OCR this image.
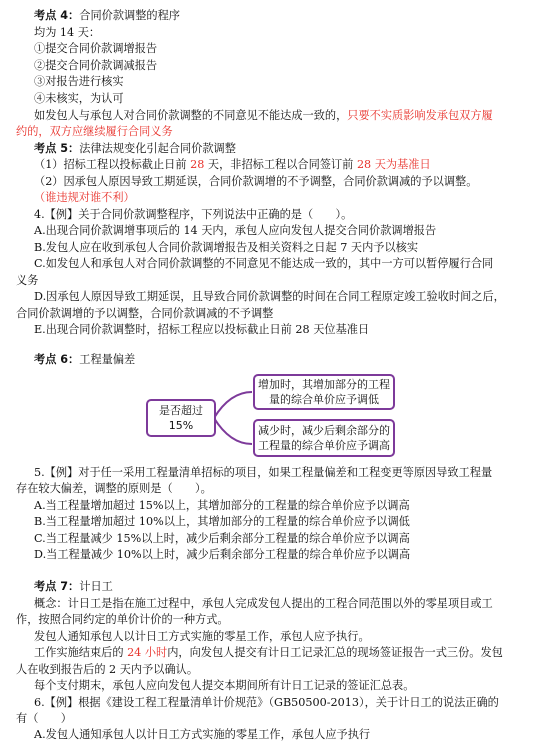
考点 4：合同价款调整的程序
均为 14 天：
①提交合同价款调增报告
②提交合同价款调减报告
③对报告进行核实
④未核实，为认可
如发包人与承包人对合同价款调整的不同意见不能达成一致的，只要不实质影响发承包双方履
约的，双方应继续履行合同义务
考点 5：法律法规变化引起合同价款调整
（1）招标工程以投标截止日前 28 天，非招标工程以合同签订前 28 天为基准日
（2）因承包人原因导致工期延误，合同价款调增的不予调整，合同价款调减的予以调整。
（谁违规对谁不利）
4.【例】关于合同价款调整程序，下列说法中正确的是（　　）。
A.出现合同价款调增事项后的 14 天内，承包人应向发包人提交合同价款调增报告
B.发包人应在收到承包人合同价款调增报告及相关资料之日起 7 天内予以核实
C.如发包人和承包人对合同价款调整的不同意见不能达成一致的，其中一方可以暂停履行合同
义务
D.因承包人原因导致工期延误，且导致合同价款调整的时间在合同工程原定竣工验收时间之后，
合同价款调增的予以调整，合同价款调减的不予调整
E.出现合同价款调整时，招标工程应以投标截止日前 28 天位基准日
考点 6：工程量偏差
是否超过
15%
增加时，其增加部分的工程
量的综合单价应予调低
减少时，减少后剩余部分的
工程量的综合单价应予调高
5.【例】对于任一采用工程量清单招标的项目，如果工程量偏差和工程变更等原因导致工程量
存在较大偏差，调整的原则是（　　）。
A.当工程量增加超过 15%以上，其增加部分的工程量的综合单价应予以调高
B.当工程量增加超过 10%以上，其增加部分的工程量的综合单价应予以调低
C.当工程量减少 15%以上时，减少后剩余部分工程量的综合单价应予以调高
D.当工程量减少 10%以上时，减少后剩余部分工程量的综合单价应予以调高
考点 7：计日工
概念：计日工是指在施工过程中，承包人完成发包人提出的工程合同范围以外的零星项目或工
作，按照合同约定的单价计价的一种方式。
发包人通知承包人以计日工方式实施的零星工作，承包人应予执行。
工作实施结束后的 24 小时内，向发包人提交有计日工记录汇总的现场签证报告一式三份。发包
人在收到报告后的 2 天内予以确认。
每个支付期末，承包人应向发包人提交本期间所有计日工记录的签证汇总表。
6.【例】根据《建设工程工程量清单计价规范》（GB50500-2013），关于计日工的说法正确的
有（　　）
A.发包人通知承包人以计日工方式实施的零星工作，承包人应予执行
